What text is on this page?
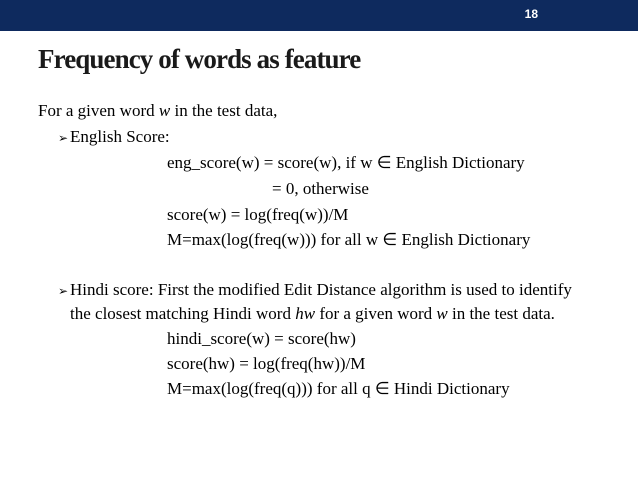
18
Frequency of words as feature
For a given word w in the test data,
➢ English Score:
eng_score(w) = score(w), if w ∈ English Dictionary
= 0, otherwise
score(w) = log(freq(w))/M
M=max(log(freq(w))) for all w ∈ English Dictionary
➢ Hindi score: First the modified Edit Distance algorithm is used to identify
the closest matching Hindi word hw for a given word w in the test data.
hindi_score(w) = score(hw)
score(hw) = log(freq(hw))/M
M=max(log(freq(q))) for all q ∈ Hindi Dictionary
